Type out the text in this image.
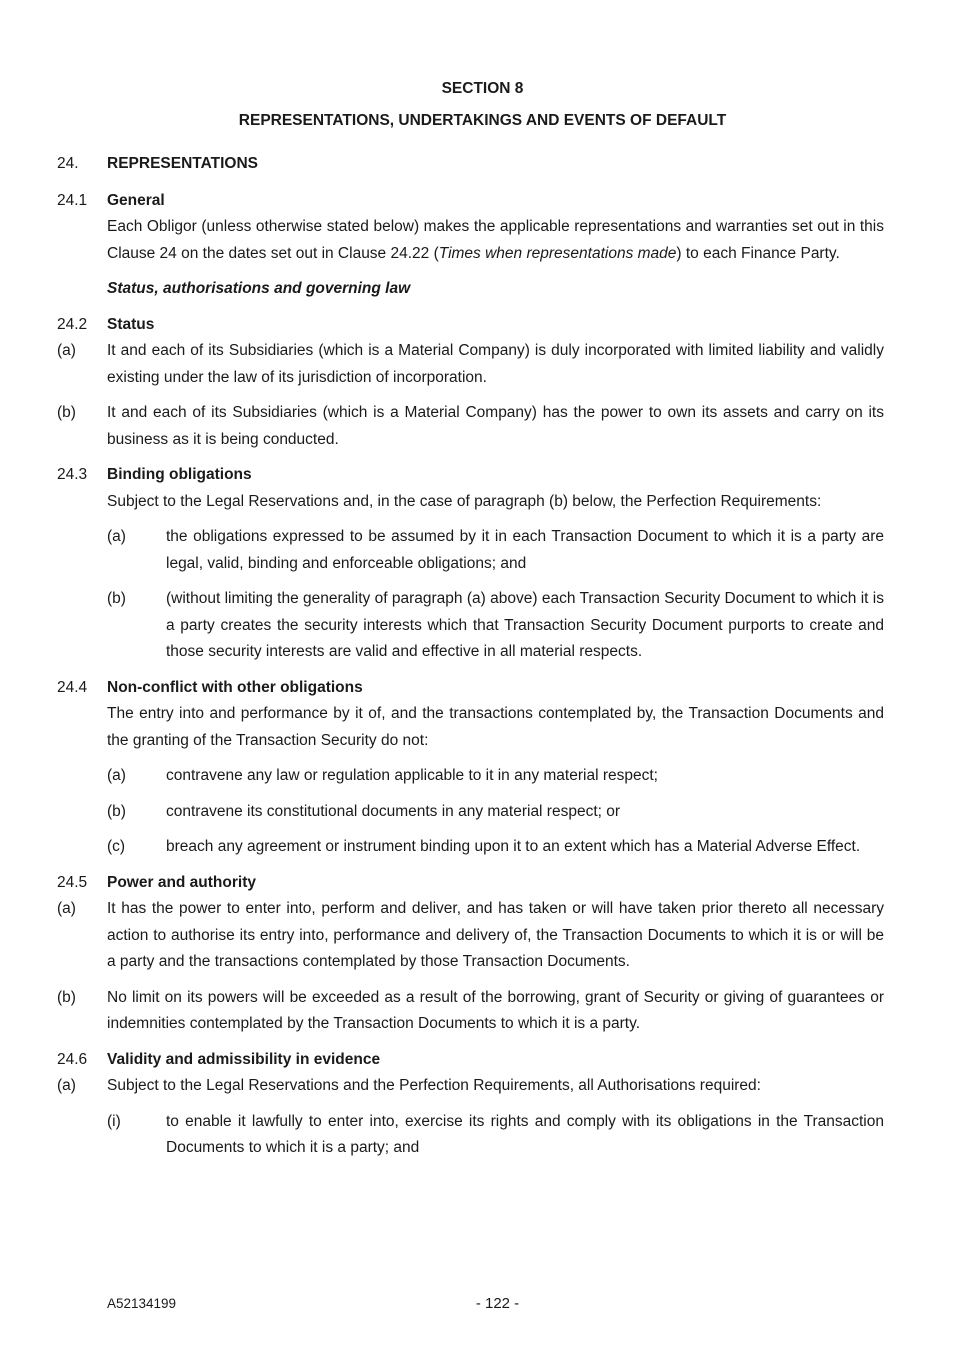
SECTION 8
REPRESENTATIONS, UNDERTAKINGS AND EVENTS OF DEFAULT
24.	REPRESENTATIONS
24.1	General
Each Obligor (unless otherwise stated below) makes the applicable representations and warranties set out in this Clause 24 on the dates set out in Clause 24.22 (Times when representations made) to each Finance Party.
Status, authorisations and governing law
24.2	Status
(a)	It and each of its Subsidiaries (which is a Material Company) is duly incorporated with limited liability and validly existing under the law of its jurisdiction of incorporation.
(b)	It and each of its Subsidiaries (which is a Material Company) has the power to own its assets and carry on its business as it is being conducted.
24.3	Binding obligations
Subject to the Legal Reservations and, in the case of paragraph (b) below, the Perfection Requirements:
(a)	the obligations expressed to be assumed by it in each Transaction Document to which it is a party are legal, valid, binding and enforceable obligations; and
(b)	(without limiting the generality of paragraph (a) above) each Transaction Security Document to which it is a party creates the security interests which that Transaction Security Document purports to create and those security interests are valid and effective in all material respects.
24.4	Non-conflict with other obligations
The entry into and performance by it of, and the transactions contemplated by, the Transaction Documents and the granting of the Transaction Security do not:
(a)	contravene any law or regulation applicable to it in any material respect;
(b)	contravene its constitutional documents in any material respect; or
(c)	breach any agreement or instrument binding upon it to an extent which has a Material Adverse Effect.
24.5	Power and authority
(a)	It has the power to enter into, perform and deliver, and has taken or will have taken prior thereto all necessary action to authorise its entry into, performance and delivery of, the Transaction Documents to which it is or will be a party and the transactions contemplated by those Transaction Documents.
(b)	No limit on its powers will be exceeded as a result of the borrowing, grant of Security or giving of guarantees or indemnities contemplated by the Transaction Documents to which it is a party.
24.6	Validity and admissibility in evidence
(a)	Subject to the Legal Reservations and the Perfection Requirements, all Authorisations required:
(i)	to enable it lawfully to enter into, exercise its rights and comply with its obligations in the Transaction Documents to which it is a party; and
A52134199	- 122 -
